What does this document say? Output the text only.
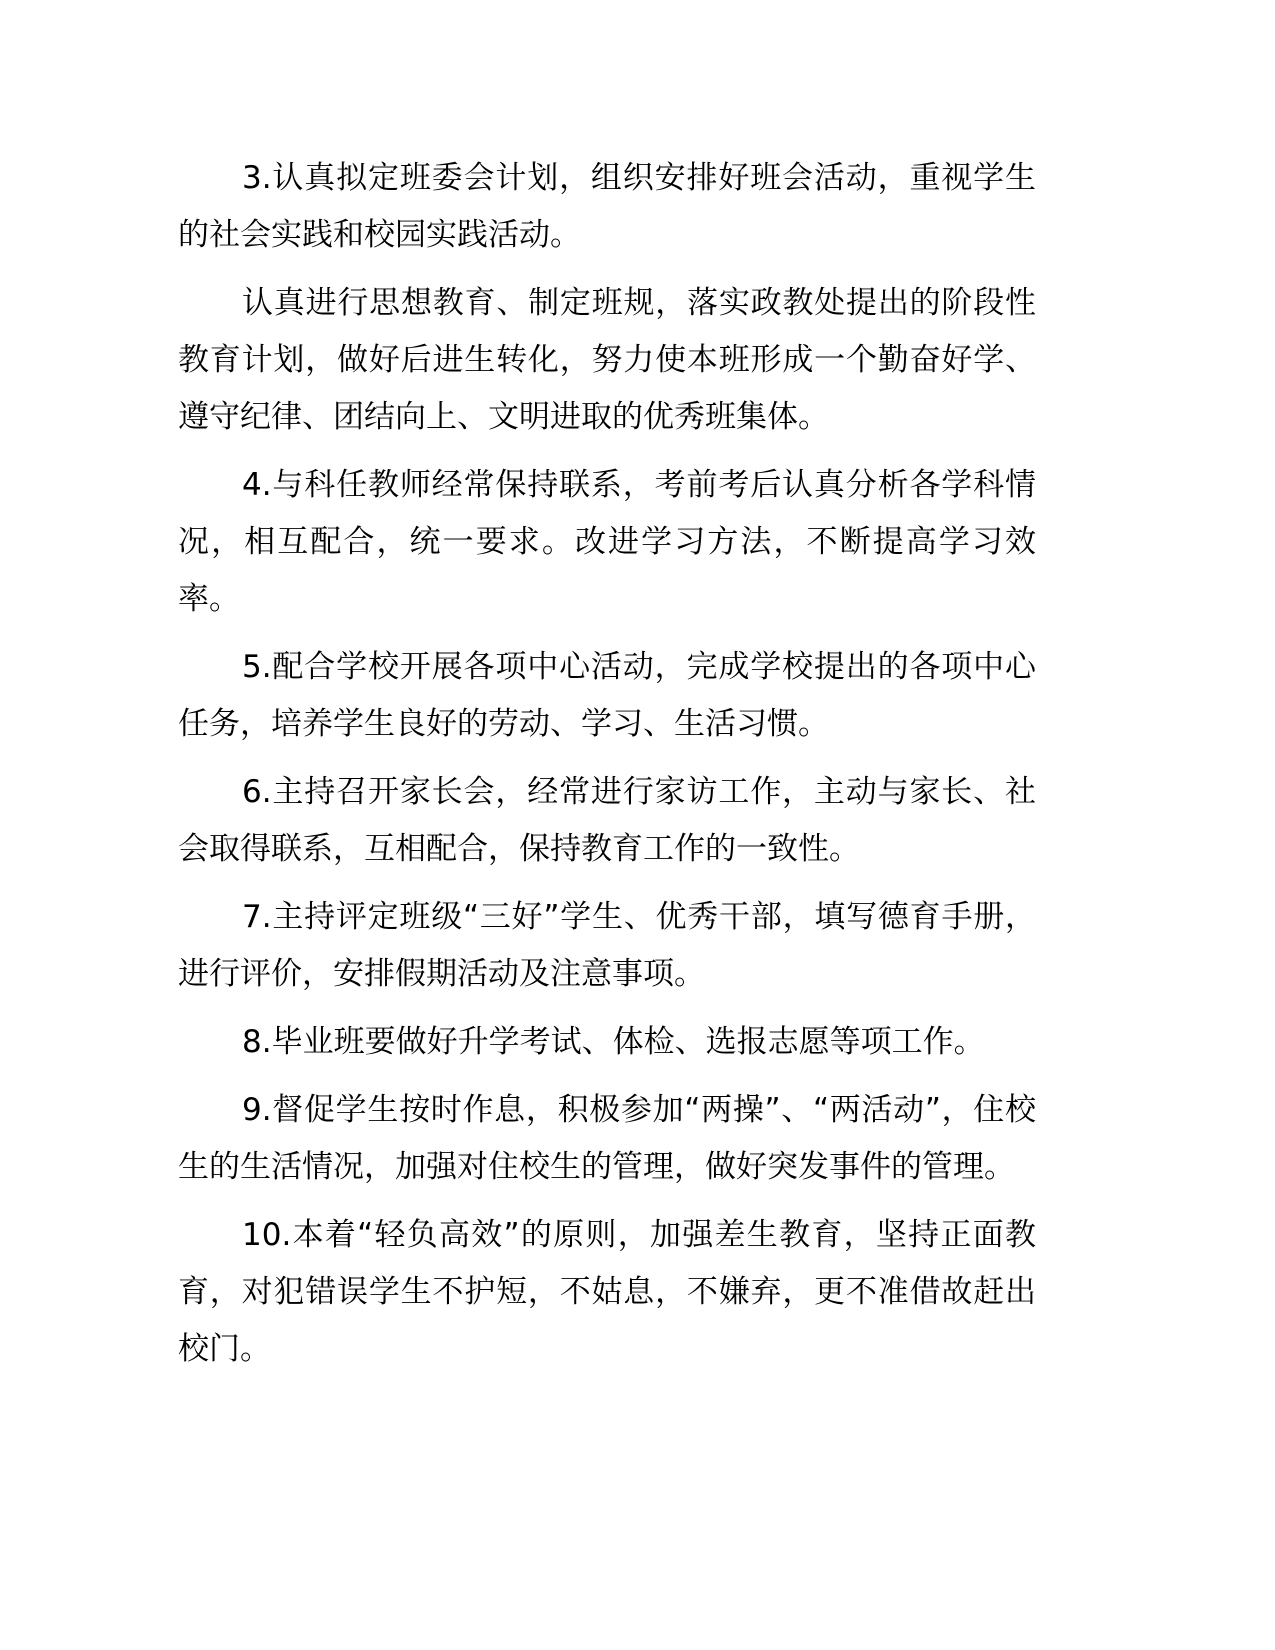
3.认真拟定班委会计划，组织安排好班会活动，重视学生的社会实践和校园实践活动。

认真进行思想教育、制定班规，落实政教处提出的阶段性教育计划，做好后进生转化，努力使本班形成一个勤奋好学、遵守纪律、团结向上、文明进取的优秀班集体。

4.与科任教师经常保持联系，考前考后认真分析各学科情况，相互配合，统一要求。改进学习方法，不断提高学习效率。

5.配合学校开展各项中心活动，完成学校提出的各项中心任务，培养学生良好的劳动、学习、生活习惯。

6.主持召开家长会，经常进行家访工作，主动与家长、社会取得联系，互相配合，保持教育工作的一致性。

7.主持评定班级“三好”学生、优秀干部，填写德育手册，进行评价，安排假期活动及注意事项。

8.毕业班要做好升学考试、体检、选报志愿等项工作。

9.督促学生按时作息，积极参加“两操”、“两活动”，住校生的生活情况，加强对住校生的管理，做好突发事件的管理。

10.本着“轻负高效”的原则，加强差生教育，坚持正面教育，对犯错误学生不护短，不姑息，不嫌弃，更不准借故赶出校门。
